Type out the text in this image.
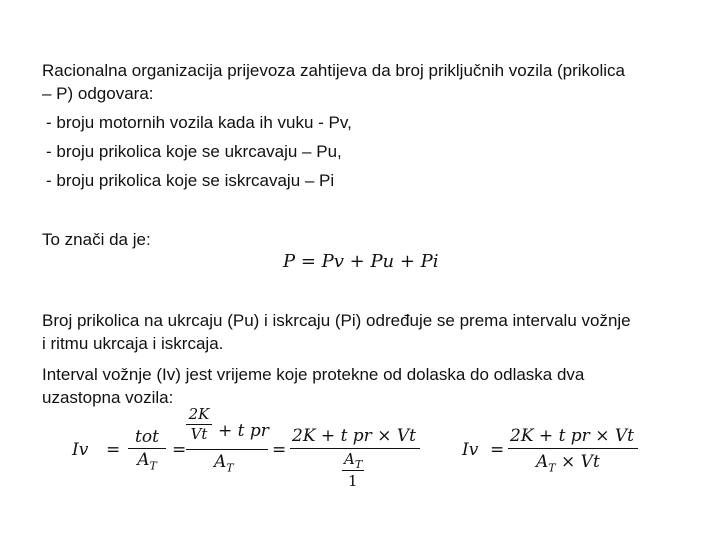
Racionalna organizacija prijevoza zahtijeva da broj priključnih vozila (prikolica
– P) odgovara:
- broju motornih vozila kada ih vuku - Pv,
- broju prikolica koje se ukrcavaju – Pu,
- broju prikolica koje se iskrcavaju – Pi
To znači da je:
P = Pv + Pu + Pi
Broj prikolica na ukrcaju (Pu) i iskrcaju (Pi) određuje se prema intervalu vožnje
i ritmu ukrcaja i iskrcaja.
Interval vožnje (Iv) jest vrijeme koje protekne od dolaska do odlaska dva
uzastopna vozila:
Iv =
tot
$A_T$
=
2K
Vt + t pr
$A_T$
=
2K + t pr × Vt
$A_T$
1
Iv =
2K + t pr × Vt
$A_T \times Vt$
